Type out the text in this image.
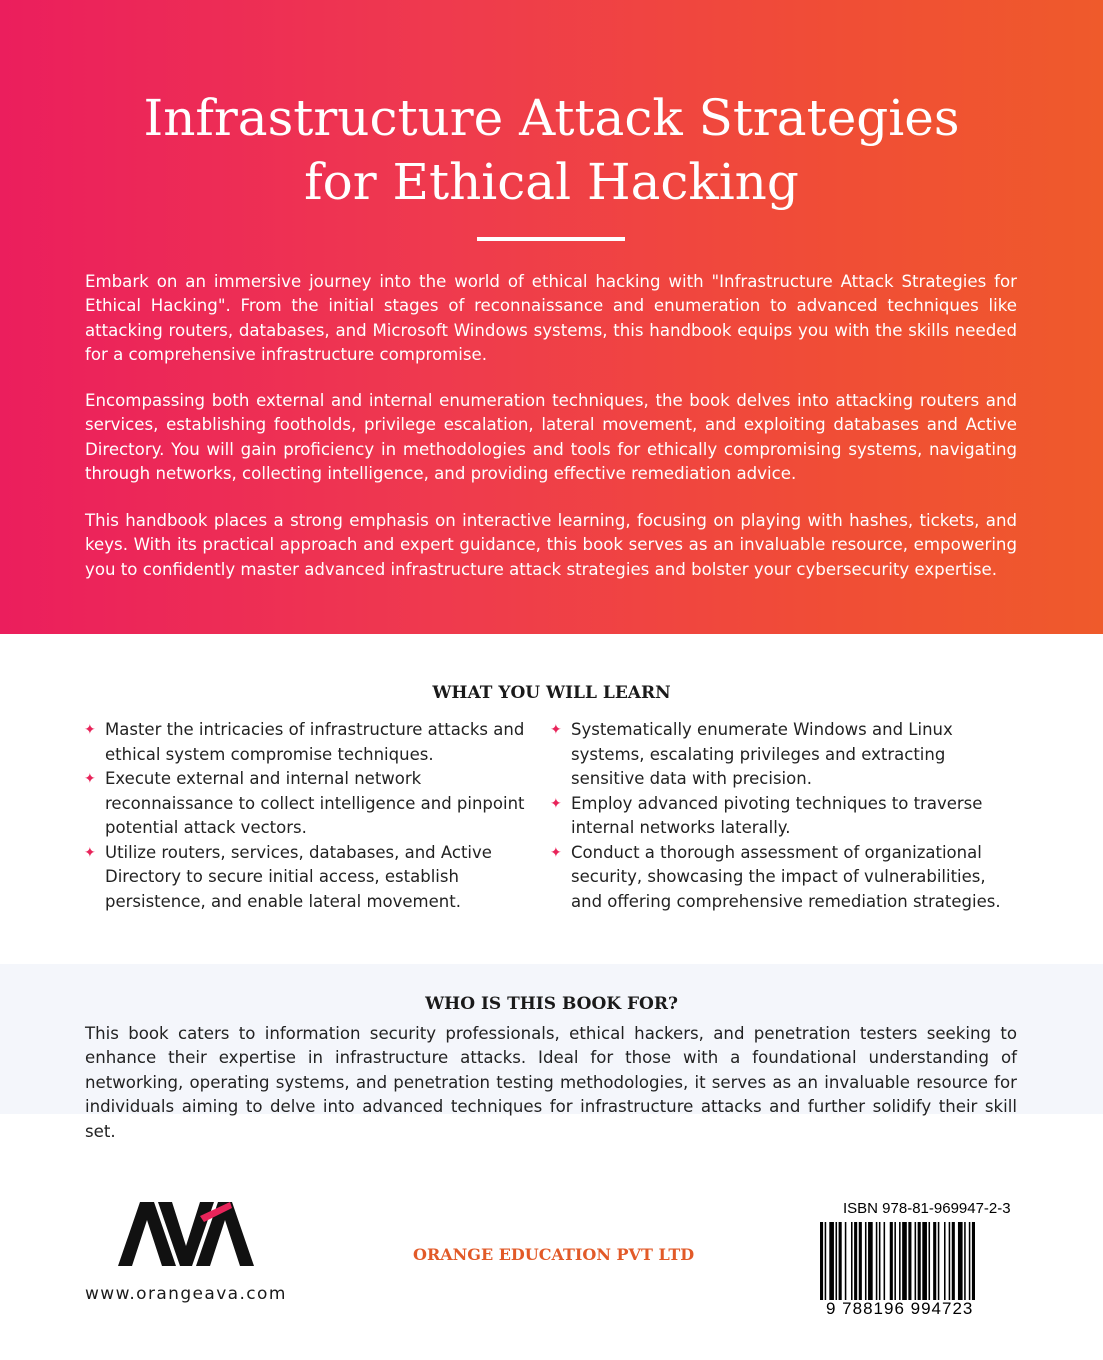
Infrastructure Attack Strategies
for Ethical Hacking

Embark on an immersive journey into the world of ethical hacking with "Infrastructure Attack Strategies for Ethical Hacking". From the initial stages of reconnaissance and enumeration to advanced techniques like attacking routers, databases, and Microsoft Windows systems, this handbook equips you with the skills needed for a comprehensive infrastructure compromise.

Encompassing both external and internal enumeration techniques, the book delves into attacking routers and services, establishing footholds, privilege escalation, lateral movement, and exploiting databases and Active Directory. You will gain proficiency in methodologies and tools for ethically compromising systems, navigating through networks, collecting intelligence, and providing effective remediation advice.

This handbook places a strong emphasis on interactive learning, focusing on playing with hashes, tickets, and keys. With its practical approach and expert guidance, this book serves as an invaluable resource, empowering you to confidently master advanced infrastructure attack strategies and bolster your cybersecurity expertise.

WHAT YOU WILL LEARN
✦ Master the intricacies of infrastructure attacks and ethical system compromise techniques.
✦ Execute external and internal network reconnaissance to collect intelligence and pinpoint potential attack vectors.
✦ Utilize routers, services, databases, and Active Directory to secure initial access, establish persistence, and enable lateral movement.
✦ Systematically enumerate Windows and Linux systems, escalating privileges and extracting sensitive data with precision.
✦ Employ advanced pivoting techniques to traverse internal networks laterally.
✦ Conduct a thorough assessment of organizational security, showcasing the impact of vulnerabilities, and offering comprehensive remediation strategies.
WHO IS THIS BOOK FOR?

This book caters to information security professionals, ethical hackers, and penetration testers seeking to enhance their expertise in infrastructure attacks. Ideal for those with a foundational understanding of networking, operating systems, and penetration testing methodologies, it serves as an invaluable resource for individuals aiming to delve into advanced techniques for infrastructure attacks and further solidify their skill set.

www.orangeava.com

ORANGE EDUCATION PVT LTD

ISBN 978-81-969947-2-3

9 788196 994723
